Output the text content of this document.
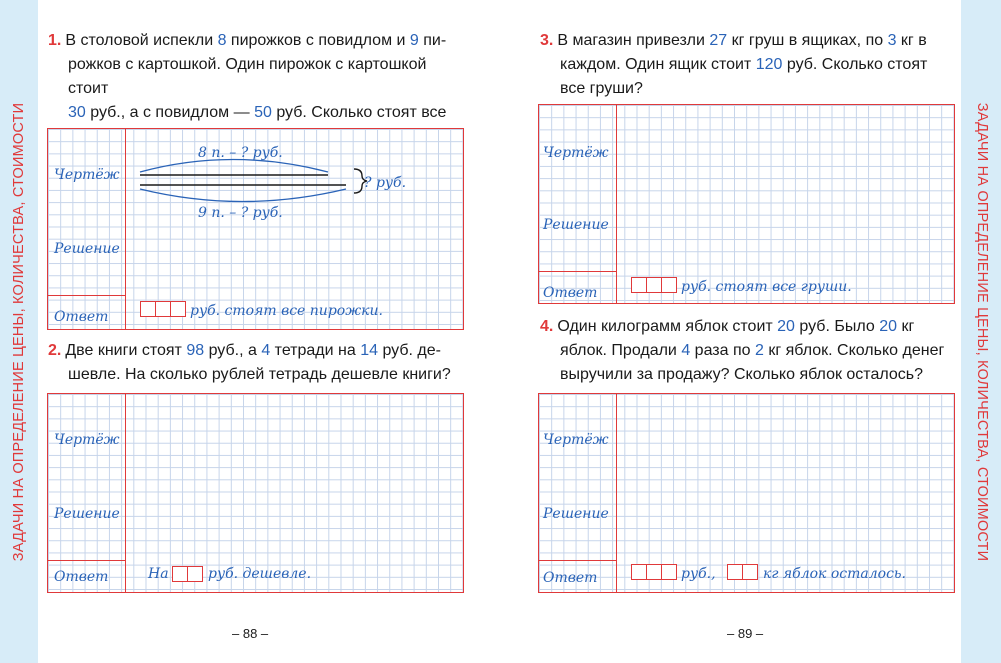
ЗАДАЧИ НА ОПРЕДЕЛЕНИЕ ЦЕНЫ, КОЛИЧЕСТВА, СТОИМОСТИ	ЗАДАЧИ НА ОПРЕДЕЛЕНИЕ ЦЕНЫ, КОЛИЧЕСТВА, СТОИМОСТИ
1. В столовой испекли 8 пирожков с повидлом и 9 пи-
рожков с картошкой. Один пирожок с картошкой стоит
30 руб., а с повидлом — 50 руб. Сколько стоят все
Чертёж
Решение
Ответ
8 п. – ? руб.
9 п. – ? руб.
? руб.
руб. стоят все пирожки.
2. Две книги стоят 98 руб., а 4 тетради на 14 руб. де-
шевле. На сколько рублей тетрадь дешевле книги?
Чертёж
Решение
Ответ	На	руб. дешевле.
– 88 –
3. В магазин привезли 27 кг груш в ящиках, по 3 кг в
каждом. Один ящик стоит 120 руб. Сколько стоят
все груши?
Чертёж
Решение
Ответ	руб. стоят все груши.
4. Один килограмм яблок стоит 20 руб. Было 20 кг
яблок. Продали 4 раза по 2 кг яблок. Сколько денег
выручили за продажу? Сколько яблок осталось?
Чертёж
Решение
Ответ	руб.,	кг яблок осталось.
– 89 –
